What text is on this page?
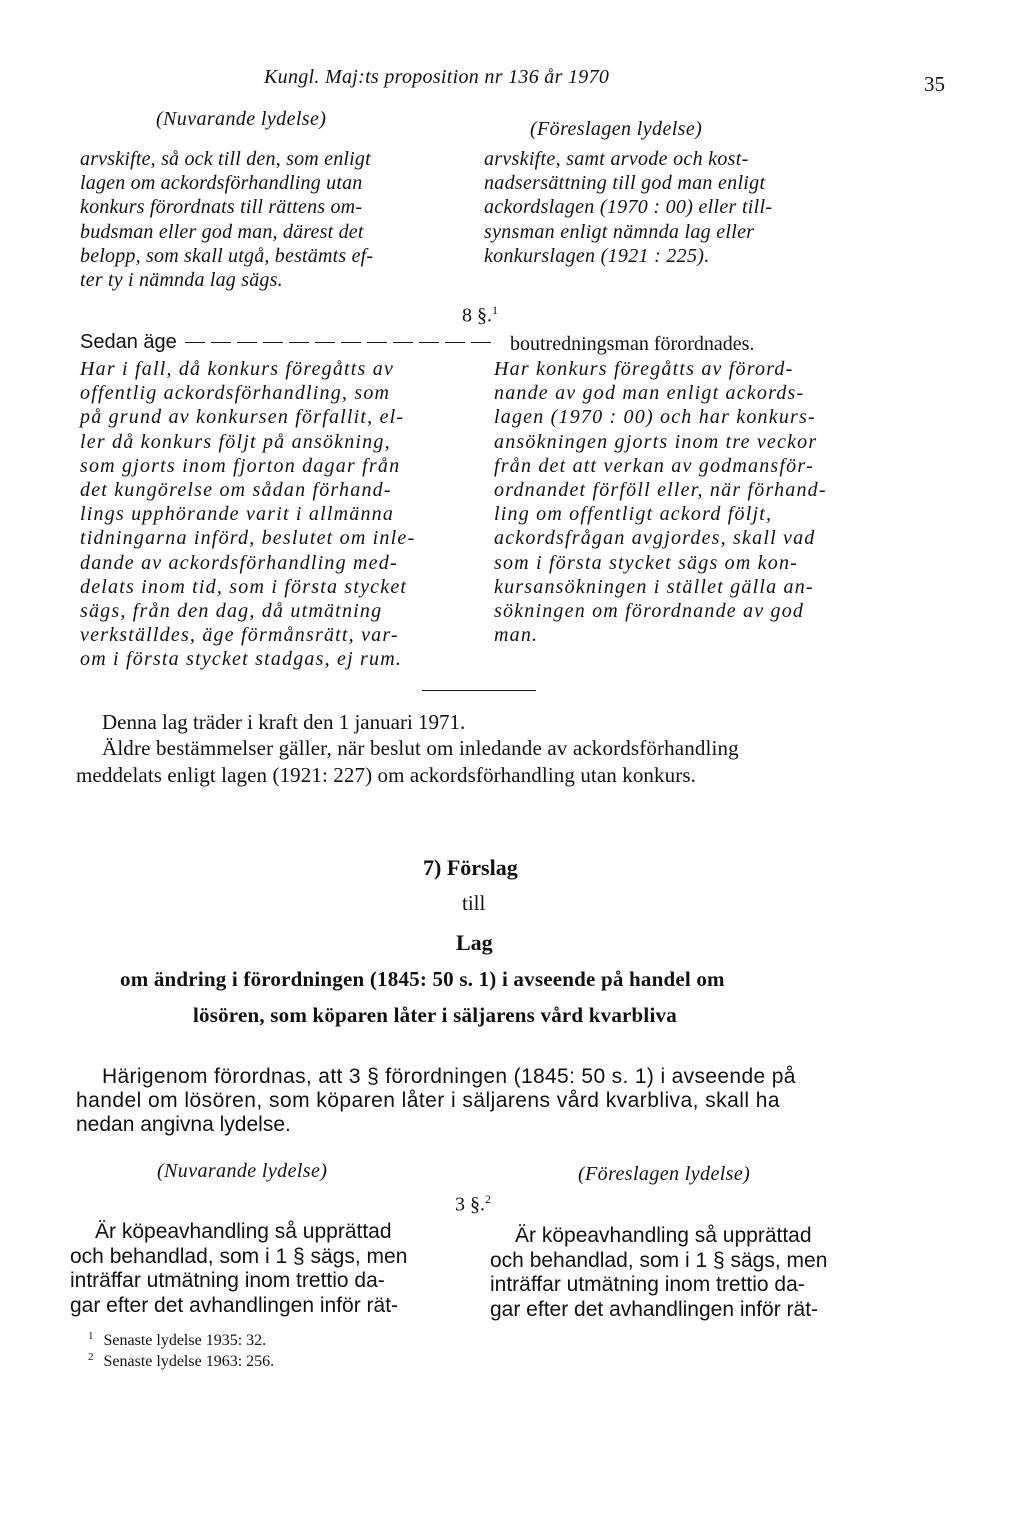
Kungl. Maj:ts proposition nr 136 år 1970	35
(Nuvarande lydelse)	(Föreslagen lydelse)
arvskifte, så ock till den, som enligt
lagen om ackordsförhandling utan
konkurs förordnats till rättens om-
budsman eller god man, därest det
belopp, som skall utgå, bestämts ef-
ter ty i nämnda lag sägs.
arvskifte, samt arvode och kost-
nadsersättning till god man enligt
ackordslagen (1970 : 00) eller till-
synsman enligt nämnda lag eller
konkurslagen (1921 : 225).
8 §.$^1$
Sedan äge	boutredningsman förordnades.
Har i fall, då konkurs föregåtts av
offentlig ackordsförhandling, som
på grund av konkursen förfallit, el-
ler då konkurs följt på ansökning,
som gjorts inom fjorton dagar från
det kungörelse om sådan förhand-
lings upphörande varit i allmänna
tidningarna införd, beslutet om inle-
dande av ackordsförhandling med-
delats inom tid, som i första stycket
sägs, från den dag, då utmätning
verkställdes, äge förmånsrätt, var-
om i första stycket stadgas, ej rum.
Har konkurs föregåtts av förord-
nande av god man enligt ackords-
lagen (1970 : 00) och har konkurs-
ansökningen gjorts inom tre veckor
från det att verkan av godmansför-
ordnandet förföll eller, när förhand-
ling om offentligt ackord följt,
ackordsfrågan avgjordes, skall vad
som i första stycket sägs om kon-
kursansökningen i stället gälla an-
sökningen om förordnande av god
man.
Denna lag träder i kraft den 1 januari 1971.
Äldre bestämmelser gäller, när beslut om inledande av ackordsförhandling
meddelats enligt lagen (1921: 227) om ackordsförhandling utan konkurs.
7) Förslag
till
Lag
om ändring i förordningen (1845: 50 s. 1) i avseende på handel om
lösören, som köparen låter i säljarens vård kvarbliva
Härigenom förordnas, att 3 § förordningen (1845: 50 s. 1) i avseende på
handel om lösören, som köparen låter i säljarens vård kvarbliva, skall ha
nedan angivna lydelse.
(Nuvarande lydelse)	(Föreslagen lydelse)
3 §.$^2$
Är köpeavhandling så upprättad
och behandlad, som i 1 § sägs, men
inträffar utmätning inom trettio da-
gar efter det avhandlingen inför rät-
Är köpeavhandling så upprättad
och behandlad, som i 1 § sägs, men
inträffar utmätning inom trettio da-
gar efter det avhandlingen inför rät-
$^1$ Senaste lydelse 1935: 32.
$^2$ Senaste lydelse 1963: 256.
